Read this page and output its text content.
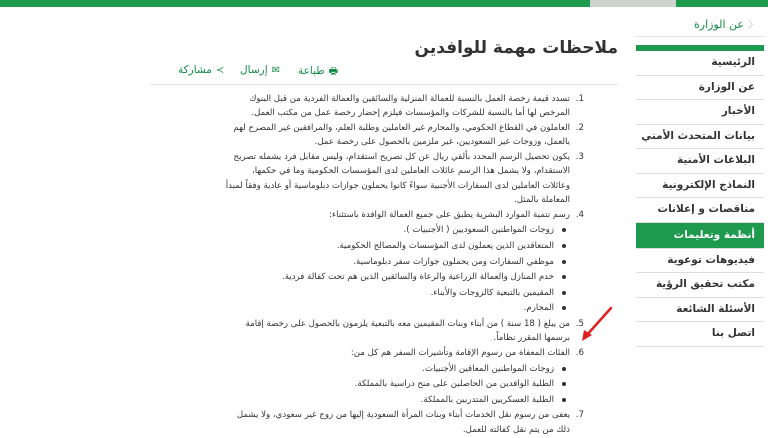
عن الوزارة 〉
الرئيسية
عن الوزارة
الأخبار
بيانات المتحدث الأمني
البلاغات الأمنية
النماذج الإلكترونية
مناقصات و إعلانات
أنظمة وتعليمات
فيديوهات توعوية
مكتب تحقيق الرؤية
الأسئلة الشائعة
اتصل بنا
ملاحظات مهمة للوافدين
طباعة 🖶
إرسال ✉
مشاركة ≺
1.
تسدد قيمة رخصة العمل بالنسبة للعمالة المنزلية والسائقين والعمالة الفردية من قبل البنوك
المرخص لها أما بالنسبة للشركات والمؤسسات فيلزم إحضار رخصة عمل من مكتب العمل.
2.
العاملون في القطاع الحكومي، والمحارم غير العاملين وطلبة العلم، والمرافقين غير المصرح لهم
بالعمل، وزوجات غير السعوديين، غير ملزمين بالحصول على رخصة عمل.
3.
يكون تحصيل الرسم المحدد بألفي ريال عن كل تصريح استقدام، وليس مقابل فرد يشمله تصريح
الاستقدام، ولا يشمل هذا الرسم عائلات العاملين لدى المؤسسات الحكومية وما في حكمها،
وعائلات العاملين لدى السفارات الأجنبية سواءً كانوا يحملون جوازات دبلوماسية أو عادية وفقاً لمبدأ
المعاملة بالمثل.
4.
رسم تنمية الموارد البشرية يطبق على جميع العمالة الوافدة باستثناء:
زوجات المواطنين السعوديين ( الأجنبيات ).
المتعاقدين الذين يعملون لدى المؤسسات والمصالح الحكومية.
موظفي السفارات ومن يحملون جوازات سفر دبلوماسية.
خدم المنازل والعمالة الزراعية والرعاة والسائقين الذين هم تحت كفالة فردية.
المقيمين بالتبعية كالزوجات والأبناء.
المحارم.
5.
من يبلغ ( 18 سنة ) من أبناء وبنات المقيمين معه بالتبعية يلزمون بالحصول على رخصة إقامة
برسمها المقرر نظاماً.
6.
الفئات المعفاة من رسوم الإقامة وتأشيرات السفر هم كل من:
زوجات المواطنين المعاقين الأجنبيات.
الطلبة الوافدين من الحاصلين على منح دراسية بالمملكة.
الطلبة العسكريين المتدربين بالمملكة.
7.
يعفى من رسوم نقل الخدمات أبناء وبنات المرأة السعودية إليها من زوج غير سعودي، ولا يشمل
ذلك من يتم نقل كفالته للعمل.
